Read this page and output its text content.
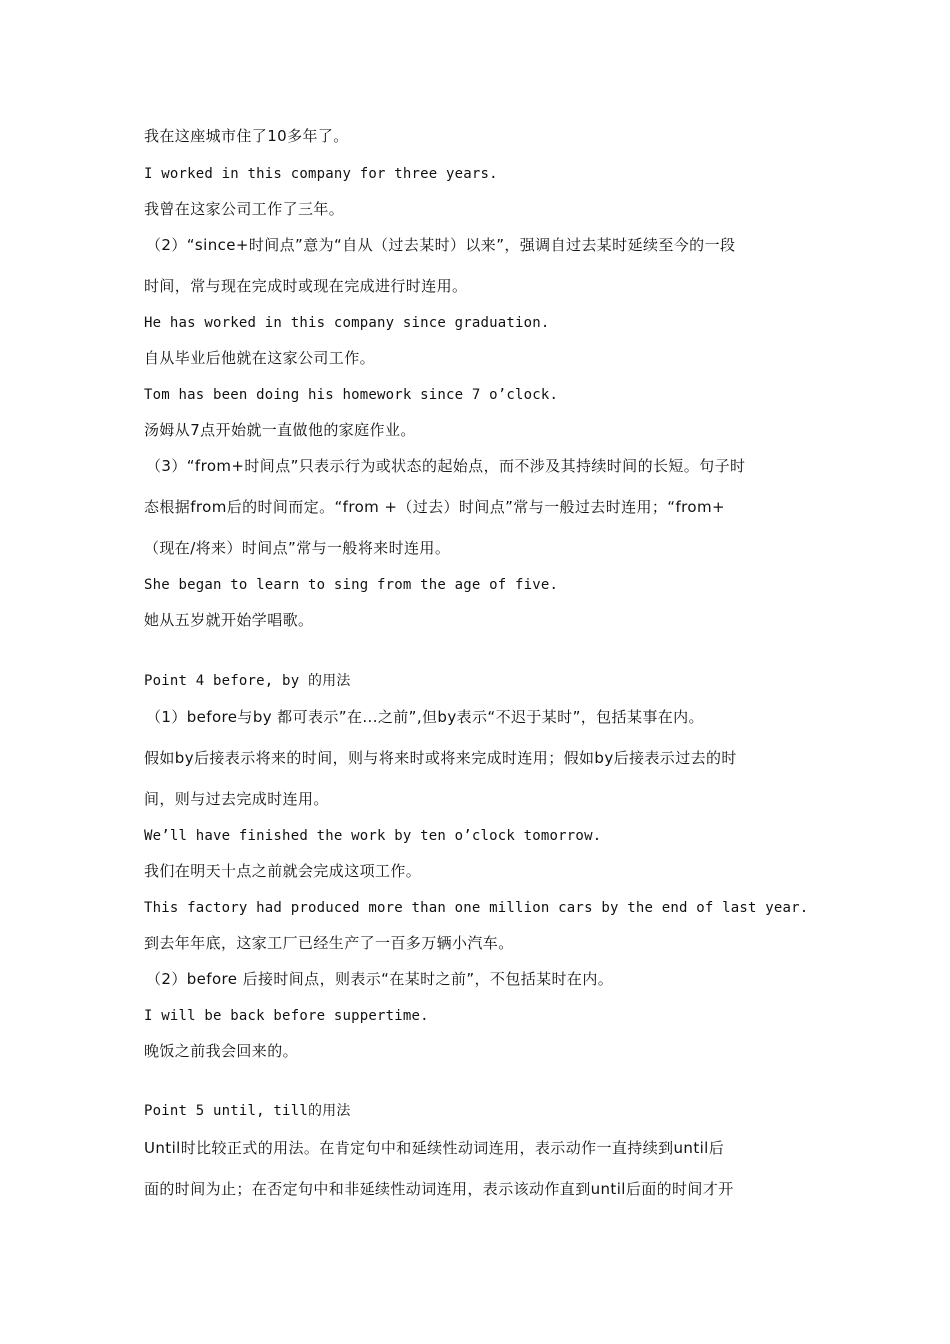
我在这座城市住了10多年了。
I worked in this company for three years.
我曾在这家公司工作了三年。
（2）“since+时间点”意为“自从（过去某时）以来”，强调自过去某时延续至今的一段
时间，常与现在完成时或现在完成进行时连用。
He has worked in this company since graduation.
自从毕业后他就在这家公司工作。
Tom has been doing his homework since 7 o’clock.
汤姆从7点开始就一直做他的家庭作业。
（3）“from+时间点”只表示行为或状态的起始点，而不涉及其持续时间的长短。句子时
态根据from后的时间而定。“from +（过去）时间点”常与一般过去时连用；“from+
（现在/将来）时间点”常与一般将来时连用。
She began to learn to sing from the age of five.
她从五岁就开始学唱歌。
Point 4 before, by 的用法
（1）before与by 都可表示”在...之前”,但by表示“不迟于某时”，包括某事在内。
假如by后接表示将来的时间，则与将来时或将来完成时连用；假如by后接表示过去的时
间，则与过去完成时连用。
We’ll have finished the work by ten o’clock tomorrow.
我们在明天十点之前就会完成这项工作。
This factory had produced more than one million cars by the end of last year.
到去年年底，这家工厂已经生产了一百多万辆小汽车。
（2）before 后接时间点，则表示“在某时之前”，不包括某时在内。
I will be back before suppertime.
晚饭之前我会回来的。
Point 5 until, till的用法
Until时比较正式的用法。在肯定句中和延续性动词连用，表示动作一直持续到until后
面的时间为止；在否定句中和非延续性动词连用，表示该动作直到until后面的时间才开
